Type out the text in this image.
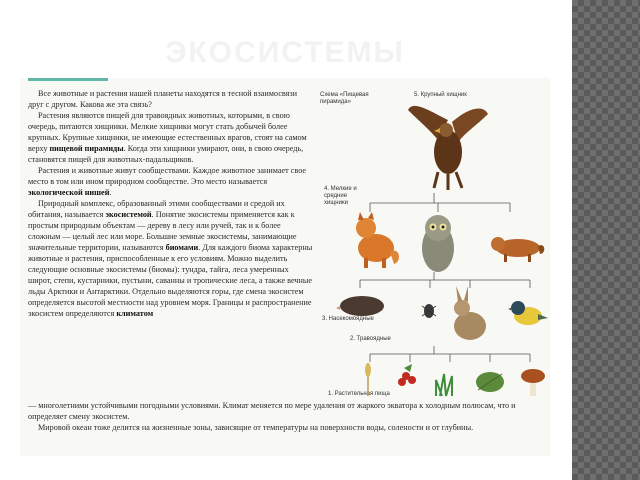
ЭКОСИСТЕМЫ

Все животные и растения нашей планеты находятся в тесной взаимосвязи друг с другом. Какова же эта связь?

Растения являются пищей для травоядных животных, которыми, в свою очередь, питаются хищники. Мелкие хищники могут стать добычей более крупных. Крупные хищники, не имеющие естественных врагов, стоят на самом верху пищевой пирамиды. Когда эти хищники умирают, они, в свою очередь, становятся пищей для животных-падальщиков.

Растения и животные живут сообществами. Каждое животное занимает свое место в том или ином природном сообществе. Это место называется экологической нишей.

Природный комплекс, образованный этими сообществами и средой их обитания, называется экосистемой. Понятие экосистемы применяется как к простым природным объектам — дереву в лесу или ручей, так и к более сложным — целый лес или море. Большие земные экосистемы, занимающие значительные территории, называются биомами. Для каждого биома характерны животные и растения, приспособленные к его условиям. Можно выделить следующие основные экосистемы (биомы): тундра, тайга, леса умеренных широт, степи, кустарники, пустыни, саванны и тропические леса, а также вечные льды Арктики и Антарктики. Отдельно выделяются горы, где смена экосистем определяется высотой местности над уровнем моря. Границы и распространение экосистем определяются климатом

— многолетними устойчивыми погодными условиями. Климат меняется по мере удаления от жаркого экватора к холодным полюсам, что и определяет смену экосистем.

Мировой океан тоже делится на жизненные зоны, зависящие от температуры на поверхности воды, солености и от глубины.

Схема «Пищевая пирамида»
5. Крупный хищник
4. Мелкие и средние хищники
3. Насекомоядные
2. Травоядные
1. Растительная пища
